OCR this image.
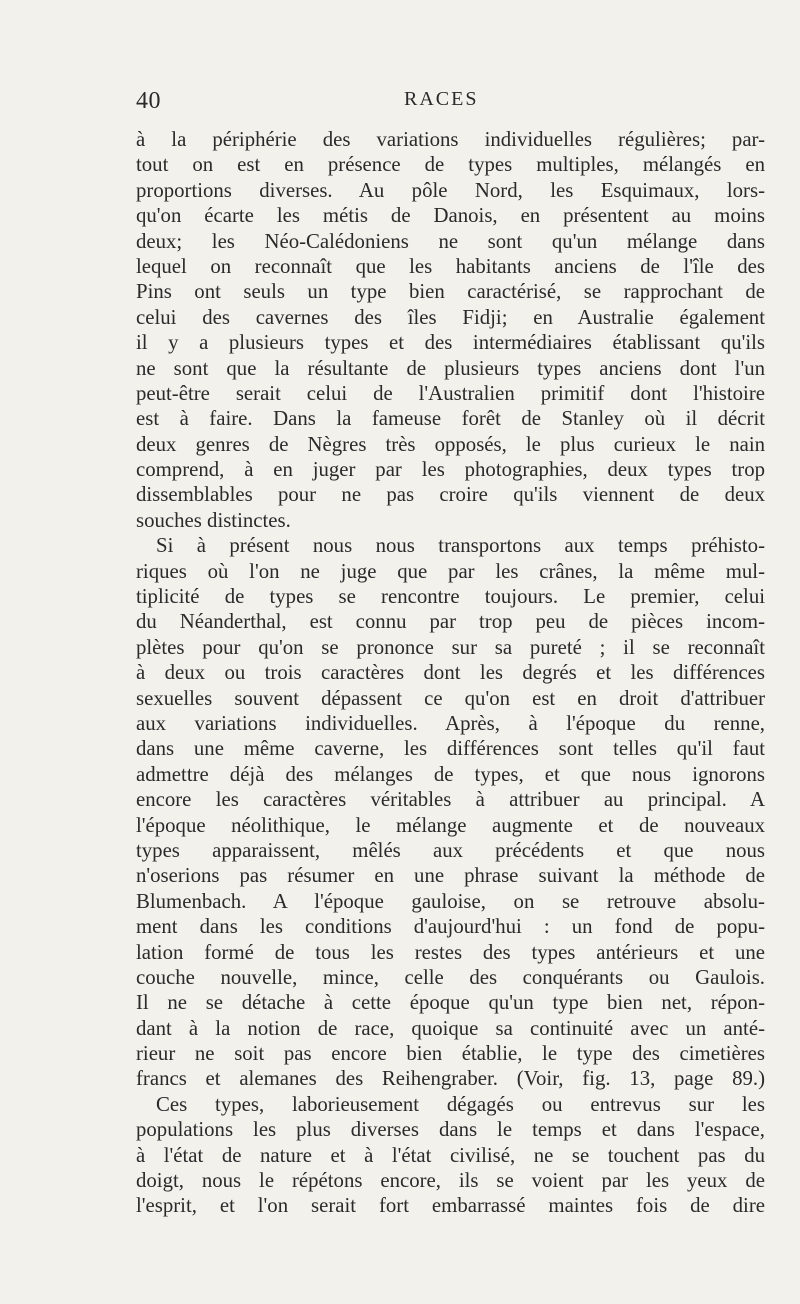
40	RACES
à la périphérie des variations individuelles régulières; par-
tout on est en présence de types multiples, mélangés en
proportions diverses. Au pôle Nord, les Esquimaux, lors-
qu'on écarte les métis de Danois, en présentent au moins
deux; les Néo-Calédoniens ne sont qu'un mélange dans
lequel on reconnaît que les habitants anciens de l'île des
Pins ont seuls un type bien caractérisé, se rapprochant de
celui des cavernes des îles Fidji; en Australie également
il y a plusieurs types et des intermédiaires établissant qu'ils
ne sont que la résultante de plusieurs types anciens dont l'un
peut-être serait celui de l'Australien primitif dont l'histoire
est à faire. Dans la fameuse forêt de Stanley où il décrit
deux genres de Nègres très opposés, le plus curieux le nain
comprend, à en juger par les photographies, deux types trop
dissemblables pour ne pas croire qu'ils viennent de deux
souches distinctes.
Si à présent nous nous transportons aux temps préhisto-
riques où l'on ne juge que par les crânes, la même mul-
tiplicité de types se rencontre toujours. Le premier, celui
du Néanderthal, est connu par trop peu de pièces incom-
plètes pour qu'on se prononce sur sa pureté ; il se reconnaît
à deux ou trois caractères dont les degrés et les différences
sexuelles souvent dépassent ce qu'on est en droit d'attribuer
aux variations individuelles. Après, à l'époque du renne,
dans une même caverne, les différences sont telles qu'il faut
admettre déjà des mélanges de types, et que nous ignorons
encore les caractères véritables à attribuer au principal. A
l'époque néolithique, le mélange augmente et de nouveaux
types apparaissent, mêlés aux précédents et que nous
n'oserions pas résumer en une phrase suivant la méthode de
Blumenbach. A l'époque gauloise, on se retrouve absolu-
ment dans les conditions d'aujourd'hui : un fond de popu-
lation formé de tous les restes des types antérieurs et une
couche nouvelle, mince, celle des conquérants ou Gaulois.
Il ne se détache à cette époque qu'un type bien net, répon-
dant à la notion de race, quoique sa continuité avec un anté-
rieur ne soit pas encore bien établie, le type des cimetières
francs et alemanes des Reihengraber. (Voir, fig. 13, page 89.)
Ces types, laborieusement dégagés ou entrevus sur les
populations les plus diverses dans le temps et dans l'espace,
à l'état de nature et à l'état civilisé, ne se touchent pas du
doigt, nous le répétons encore, ils se voient par les yeux de
l'esprit, et l'on serait fort embarrassé maintes fois de dire
